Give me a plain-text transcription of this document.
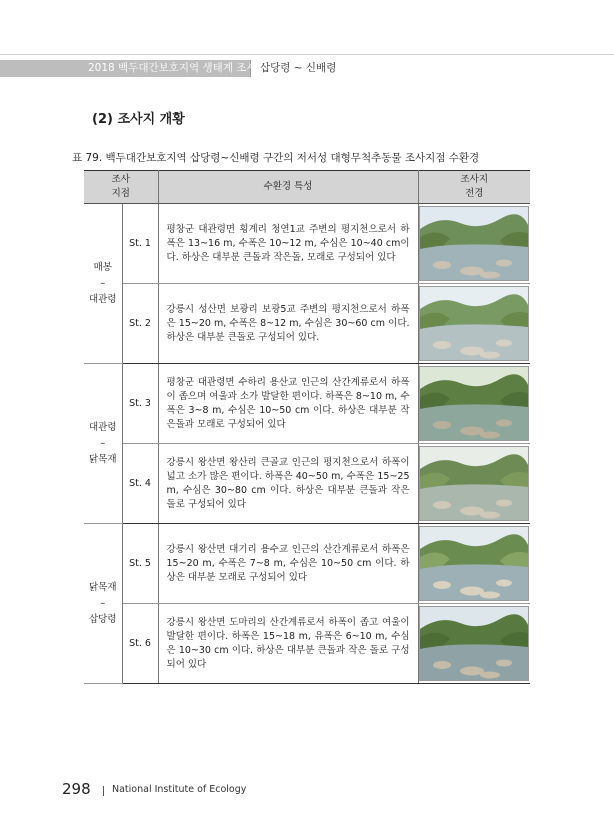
2018 백두대간보호지역 생태계 조사 삽당령 ~ 신배령
(2) 조사지 개황
표 79. 백두대간보호지역 삽당령~신배령 구간의 저서성 대형무척추동물 조사지점 수환경
조사
지점		수환경 특성	조사지
전경

매봉
–
대관령	St. 1	평창군 대관령면 횡계리 청연1교 주변의 평지천으로서 하폭은 13~16 m, 수폭은 10~12 m, 수심은 10~40 cm이다. 하상은 대부분 큰돌과 작은돌, 모래로 구성되어 있다	

	St. 2	강릉시 성산면 보광리 보광5교 주변의 평지천으로서 하폭은 15~20 m, 수폭은 8~12 m, 수심은 30~60 cm 이다. 하상은 대부분 큰돌로 구성되어 있다.	

대관령
–
닭목재	St. 3	평창군 대관령면 수하리 용산교 인근의 산간계류로서 하폭이 좁으며 여울과 소가 발달한 편이다. 하폭은 8~10 m, 수폭은 3~8 m, 수심은 10~50 cm 이다. 하상은 대부분 작은돌과 모래로 구성되어 있다	

	St. 4	강릉시 왕산면 왕산리 큰골교 인근의 평지천으로서 하폭이 넓고 소가 많은 편이다. 하폭은 40~50 m, 수폭은 15~25 m, 수심은 30~80 cm 이다. 하상은 대부분 큰돌과 작은 돌로 구성되어 있다	

닭목재
–
삽당령	St. 5	강릉시 왕산면 대기리 용수교 인근의 산간계류로서 하폭은 15~20 m, 수폭은 7~8 m, 수심은 10~50 cm 이다. 하상은 대부분 모래로 구성되어 있다	

	St. 6	강릉시 왕산면 도마리의 산간계류로서 하폭이 좁고 여울이 발달한 편이다. 하폭은 15~18 m, 유폭은 6~10 m, 수심은 10~30 cm 이다. 하상은 대부분 큰돌과 작은 돌로 구성되어 있다	
298 National Institute of Ecology
